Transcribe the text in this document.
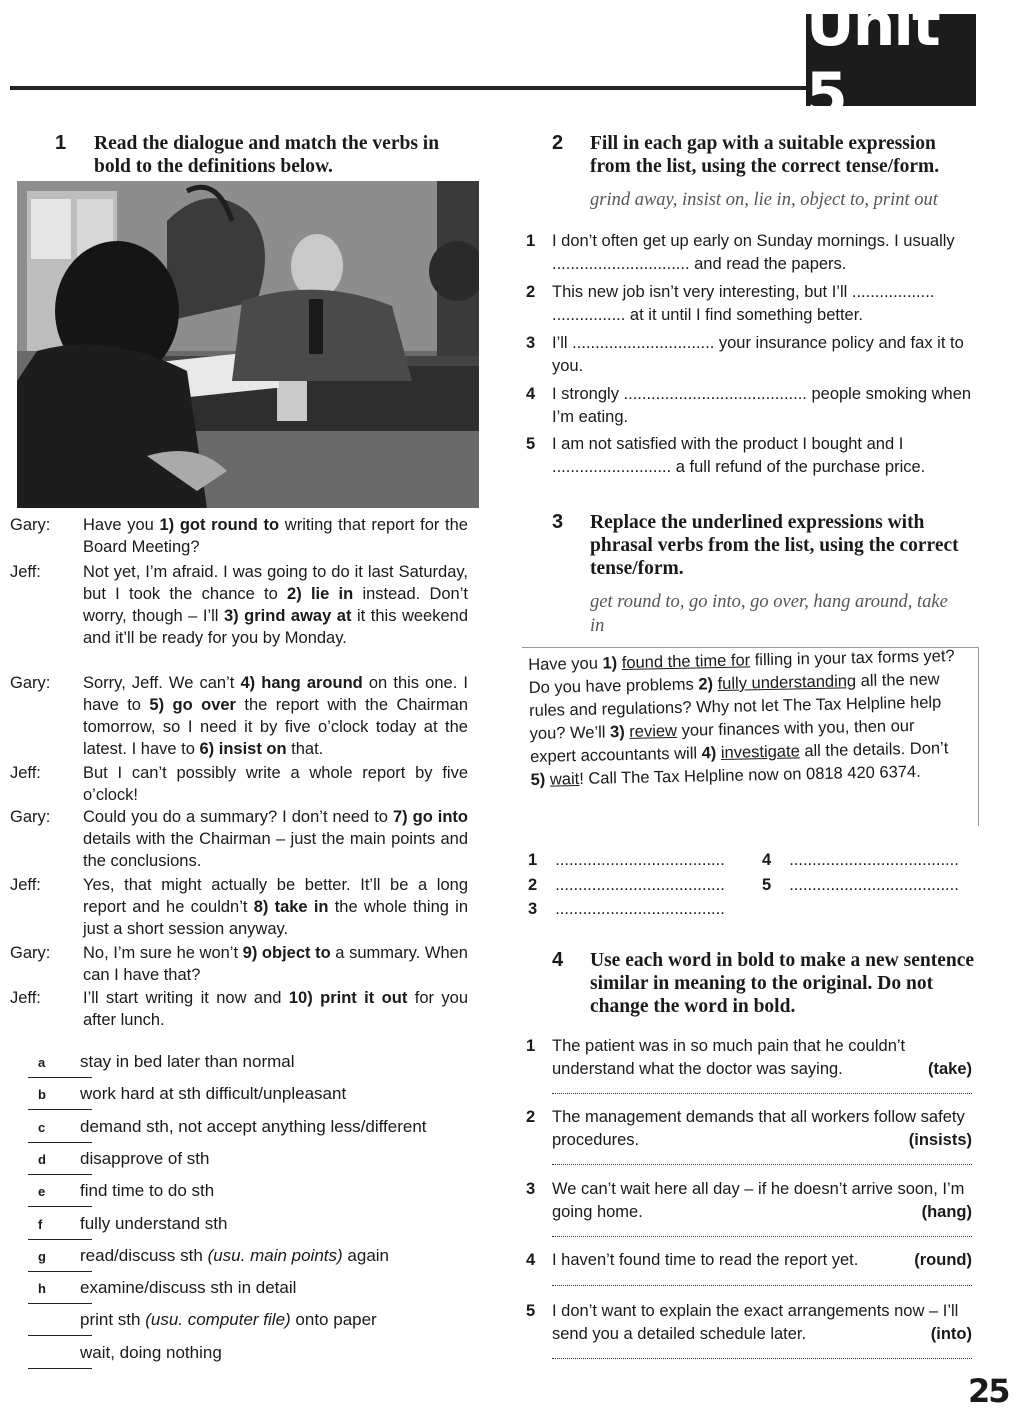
Unit 5
1 Read the dialogue and match the verbs in bold to the definitions below.
Gary:	Have you 1) got round to writing that report for the Board Meeting?
Jeff:	Not yet, I’m afraid. I was going to do it last Saturday, but I took the chance to 2) lie in instead. Don’t worry, though – I’ll 3) grind away at it this weekend and it’ll be ready for you by Monday.
Gary:	Sorry, Jeff. We can’t 4) hang around on this one. I have to 5) go over the report with the Chairman tomorrow, so I need it by five o’clock today at the latest. I have to 6) insist on that.
Jeff:	But I can’t possibly write a whole report by five o’clock!
Gary:	Could you do a summary? I don’t need to 7) go into details with the Chairman – just the main points and the conclusions.
Jeff:	Yes, that might actually be better. It’ll be a long report and he couldn’t 8) take in the whole thing in just a short session anyway.
Gary:	No, I’m sure he won’t 9) object to a summary. When can I have that?
Jeff:	I’ll start writing it now and 10) print it out for you after lunch.
a stay in bed later than normal
b work hard at sth difficult/unpleasant
c demand sth, not accept anything less/different
d disapprove of sth
e find time to do sth
f fully understand sth
g read/discuss sth (usu. main points) again
h examine/discuss sth in detail
print sth (usu. computer file) onto paper
wait, doing nothing
2 Fill in each gap with a suitable expression from the list, using the correct tense/form.
grind away, insist on, lie in, object to, print out
1 I don’t often get up early on Sunday mornings. I usually .............................. and read the papers.
2 This new job isn’t very interesting, but I’ll .................. ................ at it until I find something better.
3 I’ll ............................... your insurance policy and fax it to you.
4 I strongly ........................................ people smoking when I’m eating.
5 I am not satisfied with the product I bought and I .......................... a full refund of the purchase price.
3 Replace the underlined expressions with phrasal verbs from the list, using the correct tense/form.
get round to, go into, go over, hang around, take in
Have you 1) found the time for filling in your tax forms yet? Do you have problems 2) fully understanding all the new rules and regulations? Why not let The Tax Helpline help you? We’ll 3) review your finances with you, then our expert accountants will 4) investigate all the details. Don’t 5) wait! Call The Tax Helpline now on 0818 420 6374.
1 .....................................
2 .....................................
3 .....................................
4 .....................................
5 .....................................
4 Use each word in bold to make a new sentence similar in meaning to the original. Do not change the word in bold.
1 The patient was in so much pain that he couldn’t understand what the doctor was saying.	(take)
2 The management demands that all workers follow safety procedures.	(insists)
3 We can’t wait here all day – if he doesn’t arrive soon, I’m going home.	(hang)
4 I haven’t found time to read the report yet.	(round)
5 I don’t want to explain the exact arrangements now – I’ll send you a detailed schedule later.	(into)
25
